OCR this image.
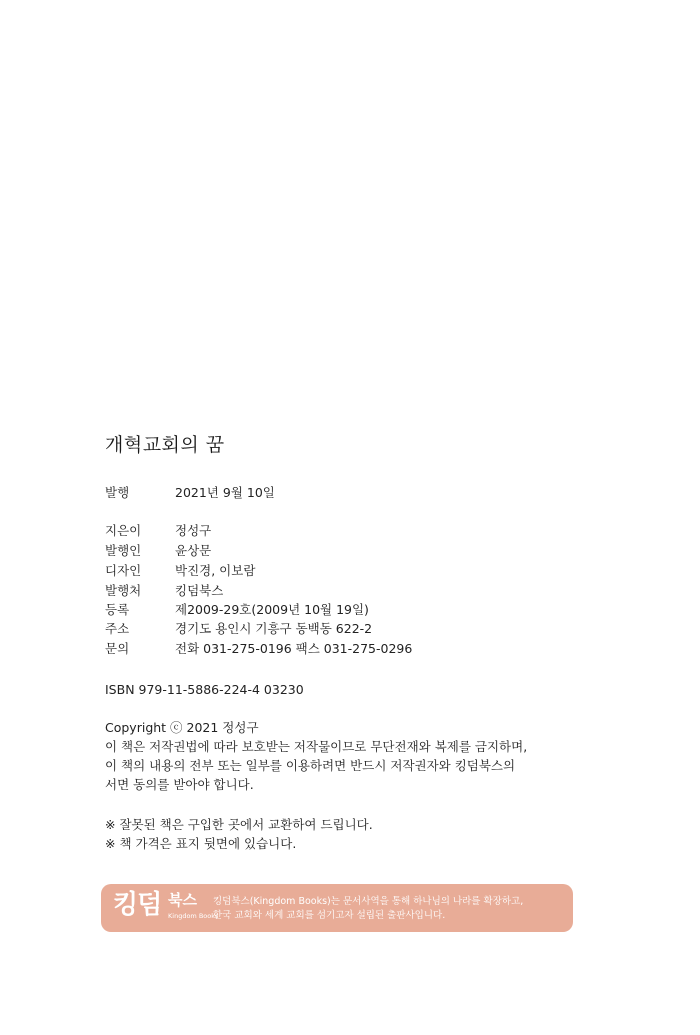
개혁교회의 꿈
발행	2021년 9월 10일
지은이	정성구
발행인	윤상문
디자인	박진경, 이보람
발행처	킹덤북스
등록	제2009-29호(2009년 10월 19일)
주소	경기도 용인시 기흥구 동백동 622-2
문의	전화 031-275-0196 팩스 031-275-0296
ISBN 979-11-5886-224-4 03230
Copyright ⓒ 2021 정성구
이 책은 저작권법에 따라 보호받는 저작물이므로 무단전재와 복제를 금지하며,
이 책의 내용의 전부 또는 일부를 이용하려면 반드시 저작권자와 킹덤북스의
서면 동의를 받아야 합니다.
※ 잘못된 책은 구입한 곳에서 교환하여 드립니다.
※ 책 가격은 표지 뒷면에 있습니다.
킹덤 북스
Kingdom Books
킹덤북스(Kingdom Books)는 문서사역을 통해 하나님의 나라를 확장하고,
한국 교회와 세계 교회를 섬기고자 설립된 출판사입니다.
